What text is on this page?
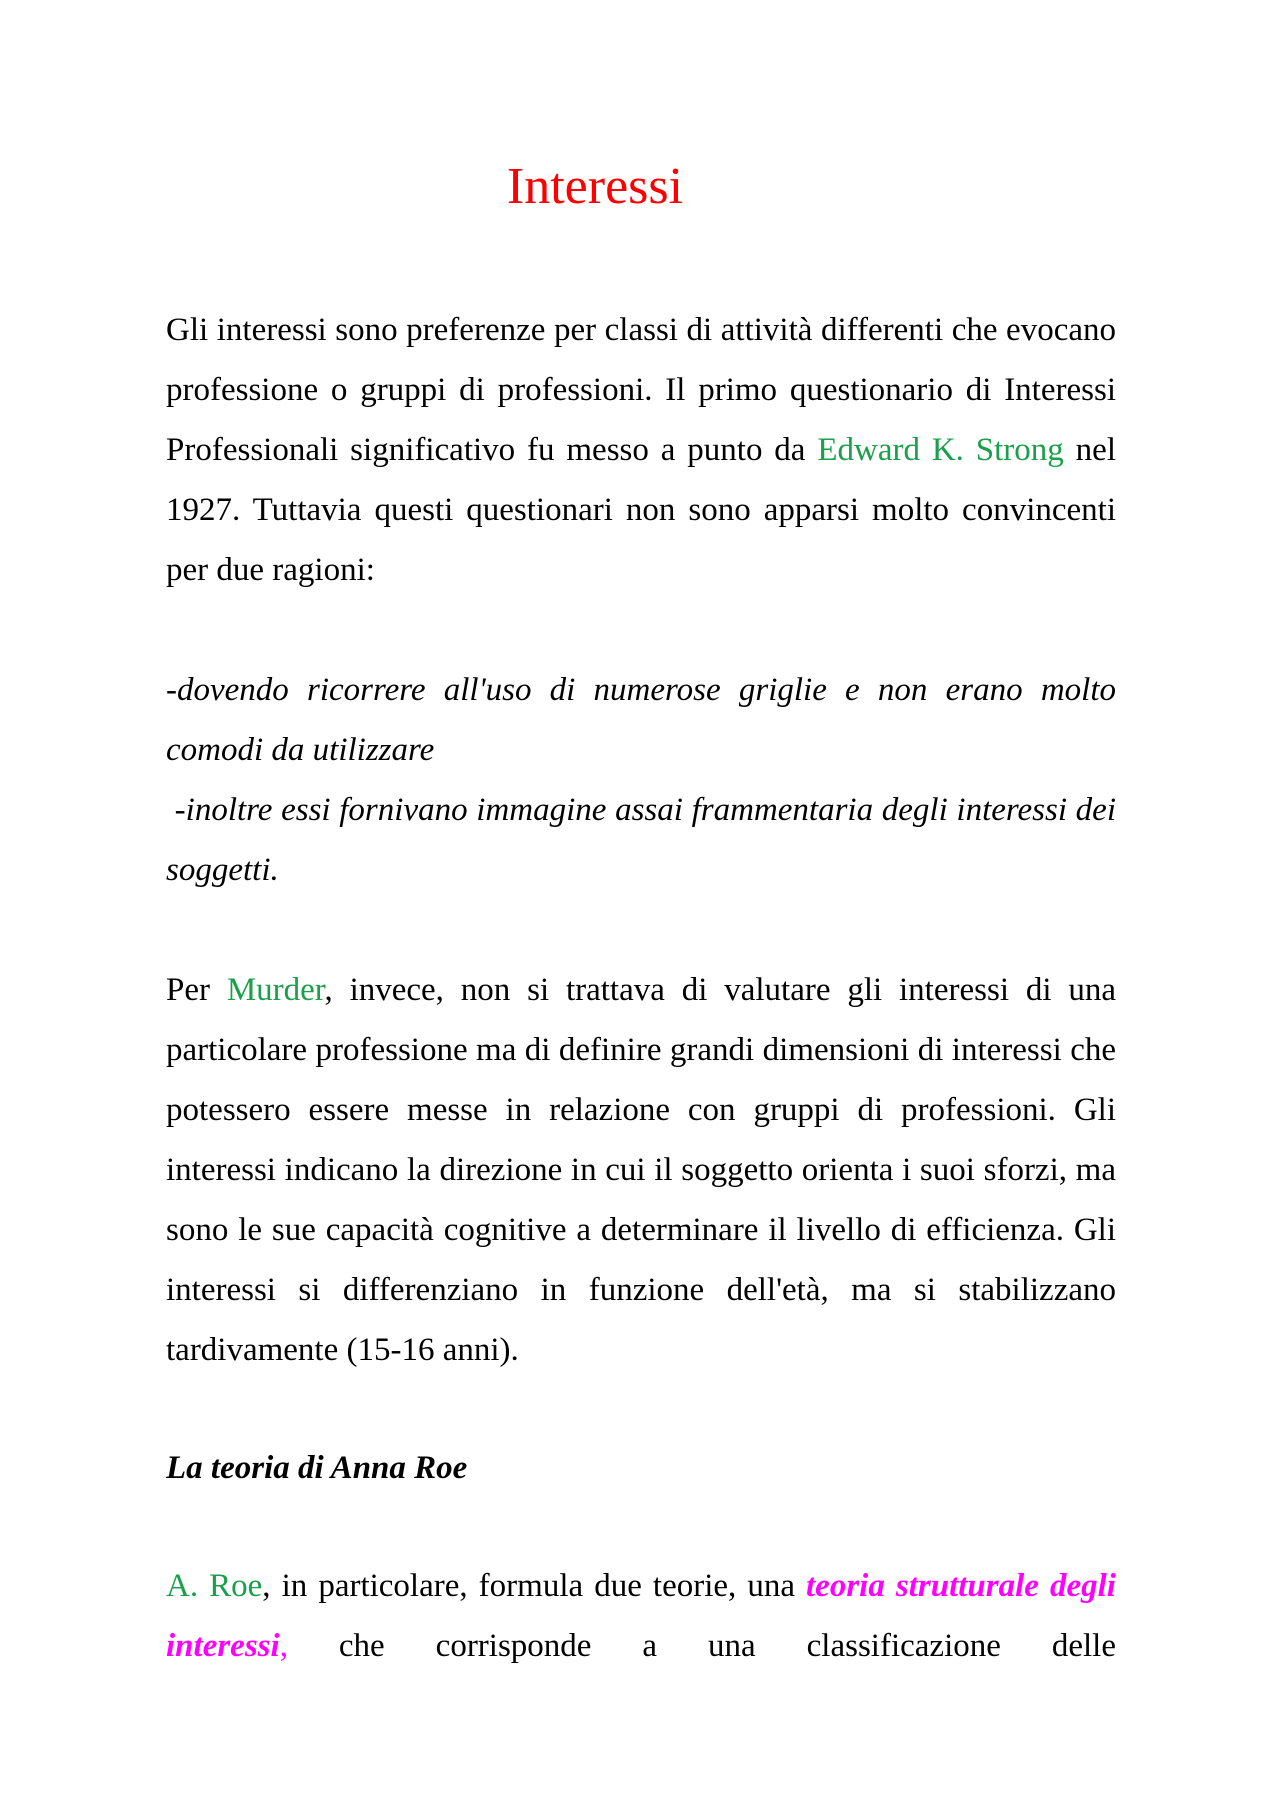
Interessi

Gli interessi sono preferenze per classi di attività differenti che evocano professione o gruppi di professioni. Il primo questionario di Interessi Professionali significativo fu messo a punto da Edward K. Strong nel 1927. Tuttavia questi questionari non sono apparsi molto convincenti per due ragioni:

-dovendo ricorrere all'uso di numerose griglie e non erano molto comodi da utilizzare

-inoltre essi fornivano immagine assai frammentaria degli interessi dei soggetti.

Per Murder, invece, non si trattava di valutare gli interessi di una particolare professione ma di definire grandi dimensioni di interessi che potessero essere messe in relazione con gruppi di professioni. Gli interessi indicano la direzione in cui il soggetto orienta i suoi sforzi, ma sono le sue capacità cognitive a determinare il livello di efficienza. Gli interessi si differenziano in funzione dell'età, ma si stabilizzano tardivamente (15-16 anni).

La teoria di Anna Roe

A. Roe, in particolare, formula due teorie, una teoria strutturale degli interessi, che corrisponde a una classificazione delle
